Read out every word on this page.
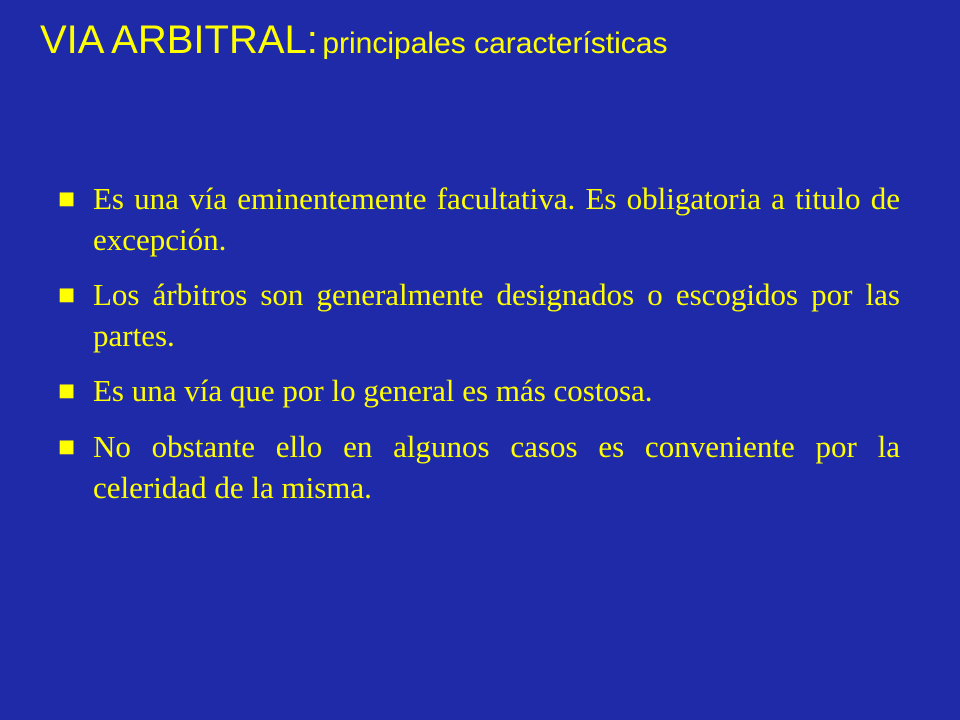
VIA ARBITRAL: principales características
■ Es una vía eminentemente facultativa. Es obligatoria a titulo de excepción.
■ Los árbitros son generalmente designados o escogidos por las partes.
■ Es una vía que por lo general es más costosa.
■ No obstante ello en algunos casos es conveniente por la celeridad de la misma.
